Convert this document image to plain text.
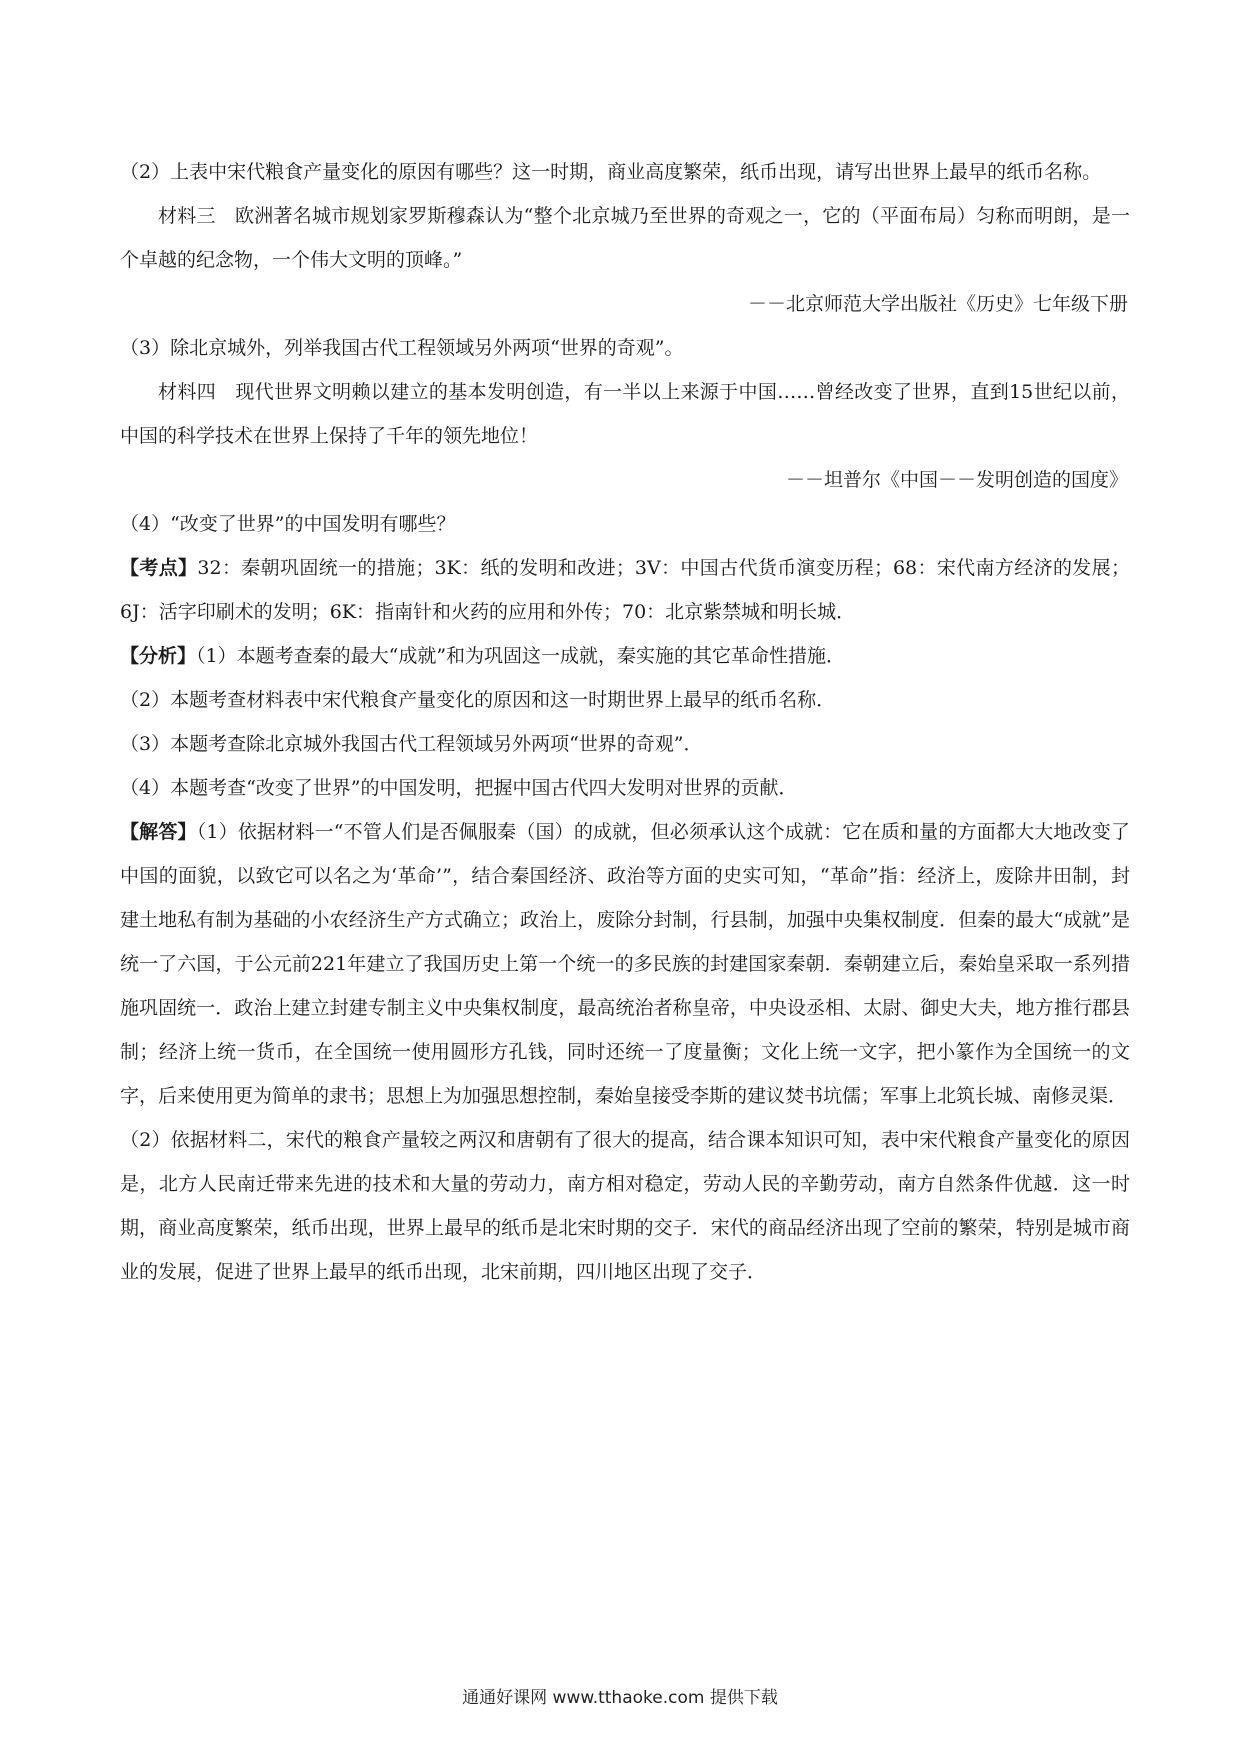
（2）上表中宋代粮食产量变化的原因有哪些？这一时期，商业高度繁荣，纸币出现，请写出世界上最早的纸币名称。

材料三　欧洲著名城市规划家罗斯穆森认为“整个北京城乃至世界的奇观之一，它的（平面布局）匀称而明朗，是一个卓越的纪念物，一个伟大文明的顶峰。”

－－北京师范大学出版社《历史》七年级下册

（3）除北京城外，列举我国古代工程领域另外两项“世界的奇观”。

材料四　现代世界文明赖以建立的基本发明创造，有一半以上来源于中国……曾经改变了世界，直到15世纪以前，中国的科学技术在世界上保持了千年的领先地位！

－－坦普尔《中国－－发明创造的国度》

（4）“改变了世界”的中国发明有哪些？

【考点】32：秦朝巩固统一的措施；3K：纸的发明和改进；3V：中国古代货币演变历程；68：宋代南方经济的发展；6J：活字印刷术的发明；6K：指南针和火药的应用和外传；70：北京紫禁城和明长城．

【分析】（1）本题考查秦的最大“成就”和为巩固这一成就，秦实施的其它革命性措施．

（2）本题考查材料表中宋代粮食产量变化的原因和这一时期世界上最早的纸币名称．

（3）本题考查除北京城外我国古代工程领域另外两项“世界的奇观”．

（4）本题考查“改变了世界”的中国发明，把握中国古代四大发明对世界的贡献．

【解答】（1）依据材料一“不管人们是否佩服秦（国）的成就，但必须承认这个成就：它在质和量的方面都大大地改变了中国的面貌，以致它可以名之为‘革命’”，结合秦国经济、政治等方面的史实可知，“革命”指：经济上，废除井田制，封建土地私有制为基础的小农经济生产方式确立；政治上，废除分封制，行县制，加强中央集权制度．但秦的最大“成就”是统一了六国，于公元前221年建立了我国历史上第一个统一的多民族的封建国家秦朝．秦朝建立后，秦始皇采取一系列措施巩固统一．政治上建立封建专制主义中央集权制度，最高统治者称皇帝，中央设丞相、太尉、御史大夫，地方推行郡县制；经济上统一货币，在全国统一使用圆形方孔钱，同时还统一了度量衡；文化上统一文字，把小篆作为全国统一的文字，后来使用更为简单的隶书；思想上为加强思想控制，秦始皇接受李斯的建议焚书坑儒；军事上北筑长城、南修灵渠．

（2）依据材料二，宋代的粮食产量较之两汉和唐朝有了很大的提高，结合课本知识可知，表中宋代粮食产量变化的原因是，北方人民南迁带来先进的技术和大量的劳动力，南方相对稳定，劳动人民的辛勤劳动，南方自然条件优越．这一时期，商业高度繁荣，纸币出现，世界上最早的纸币是北宋时期的交子．宋代的商品经济出现了空前的繁荣，特别是城市商业的发展，促进了世界上最早的纸币出现，北宋前期，四川地区出现了交子．

通通好课网 www.tthaoke.com 提供下载
